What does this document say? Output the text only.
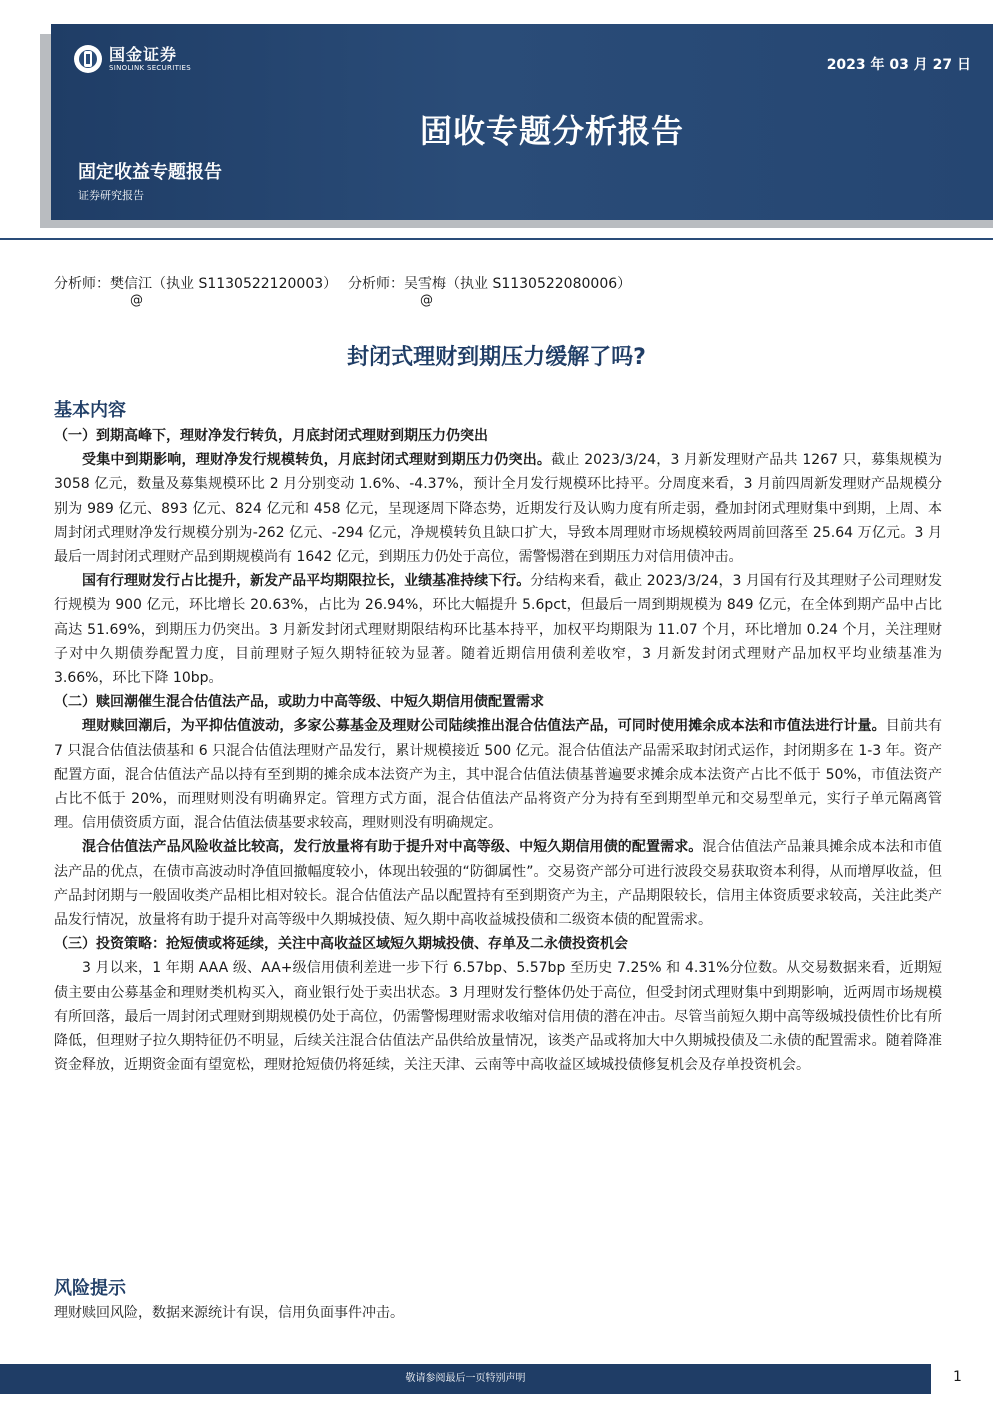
国金证券
SINOLINK SECURITIES	2023 年 03 月 27 日
固收专题分析报告
固定收益专题报告
证券研究报告
分析师：樊信江（执业 S1130522120003）
@
分析师：吴雪梅（执业 S1130522080006）
@
封闭式理财到期压力缓解了吗?
基本内容

（一）到期高峰下，理财净发行转负，月底封闭式理财到期压力仍突出

受集中到期影响，理财净发行规模转负，月底封闭式理财到期压力仍突出。截止 2023/3/24，3 月新发理财产品共 1267 只，募集规模为 3058 亿元，数量及募集规模环比 2 月分别变动 1.6%、-4.37%，预计全月发行规模环比持平。分周度来看，3 月前四周新发理财产品规模分别为 989 亿元、893 亿元、824 亿元和 458 亿元，呈现逐周下降态势，近期发行及认购力度有所走弱，叠加封闭式理财集中到期，上周、本周封闭式理财净发行规模分别为-262 亿元、-294 亿元，净规模转负且缺口扩大，导致本周理财市场规模较两周前回落至 25.64 万亿元。3 月最后一周封闭式理财产品到期规模尚有 1642 亿元，到期压力仍处于高位，需警惕潜在到期压力对信用债冲击。

国有行理财发行占比提升，新发产品平均期限拉长，业绩基准持续下行。分结构来看，截止 2023/3/24，3 月国有行及其理财子公司理财发行规模为 900 亿元，环比增长 20.63%，占比为 26.94%，环比大幅提升 5.6pct，但最后一周到期规模为 849 亿元，在全体到期产品中占比高达 51.69%，到期压力仍突出。3 月新发封闭式理财期限结构环比基本持平，加权平均期限为 11.07 个月，环比增加 0.24 个月，关注理财子对中久期债券配置力度，目前理财子短久期特征较为显著。随着近期信用债利差收窄，3 月新发封闭式理财产品加权平均业绩基准为 3.66%，环比下降 10bp。

（二）赎回潮催生混合估值法产品，或助力中高等级、中短久期信用债配置需求

理财赎回潮后，为平抑估值波动，多家公募基金及理财公司陆续推出混合估值法产品，可同时使用摊余成本法和市值法进行计量。目前共有 7 只混合估值法债基和 6 只混合估值法理财产品发行，累计规模接近 500 亿元。混合估值法产品需采取封闭式运作，封闭期多在 1-3 年。资产配置方面，混合估值法产品以持有至到期的摊余成本法资产为主，其中混合估值法债基普遍要求摊余成本法资产占比不低于 50%，市值法资产占比不低于 20%，而理财则没有明确界定。管理方式方面，混合估值法产品将资产分为持有至到期型单元和交易型单元，实行子单元隔离管理。信用债资质方面，混合估值法债基要求较高，理财则没有明确规定。

混合估值法产品风险收益比较高，发行放量将有助于提升对中高等级、中短久期信用债的配置需求。混合估值法产品兼具摊余成本法和市值法产品的优点，在债市高波动时净值回撤幅度较小，体现出较强的“防御属性”。交易资产部分可进行波段交易获取资本利得，从而增厚收益，但产品封闭期与一般固收类产品相比相对较长。混合估值法产品以配置持有至到期资产为主，产品期限较长，信用主体资质要求较高，关注此类产品发行情况，放量将有助于提升对高等级中久期城投债、短久期中高收益城投债和二级资本债的配置需求。

（三）投资策略：抢短债或将延续，关注中高收益区域短久期城投债、存单及二永债投资机会

3 月以来，1 年期 AAA 级、AA+级信用债利差进一步下行 6.57bp、5.57bp 至历史 7.25% 和 4.31%分位数。从交易数据来看，近期短债主要由公募基金和理财类机构买入，商业银行处于卖出状态。3 月理财发行整体仍处于高位，但受封闭式理财集中到期影响，近两周市场规模有所回落，最后一周封闭式理财到期规模仍处于高位，仍需警惕理财需求收缩对信用债的潜在冲击。尽管当前短久期中高等级城投债性价比有所降低，但理财子拉久期特征仍不明显，后续关注混合估值法产品供给放量情况，该类产品或将加大中久期城投债及二永债的配置需求。随着降准资金释放，近期资金面有望宽松，理财抢短债仍将延续，关注天津、云南等中高收益区域城投债修复机会及存单投资机会。

风险提示
理财赎回风险，数据来源统计有误，信用负面事件冲击。
敬请参阅最后一页特别声明	1
